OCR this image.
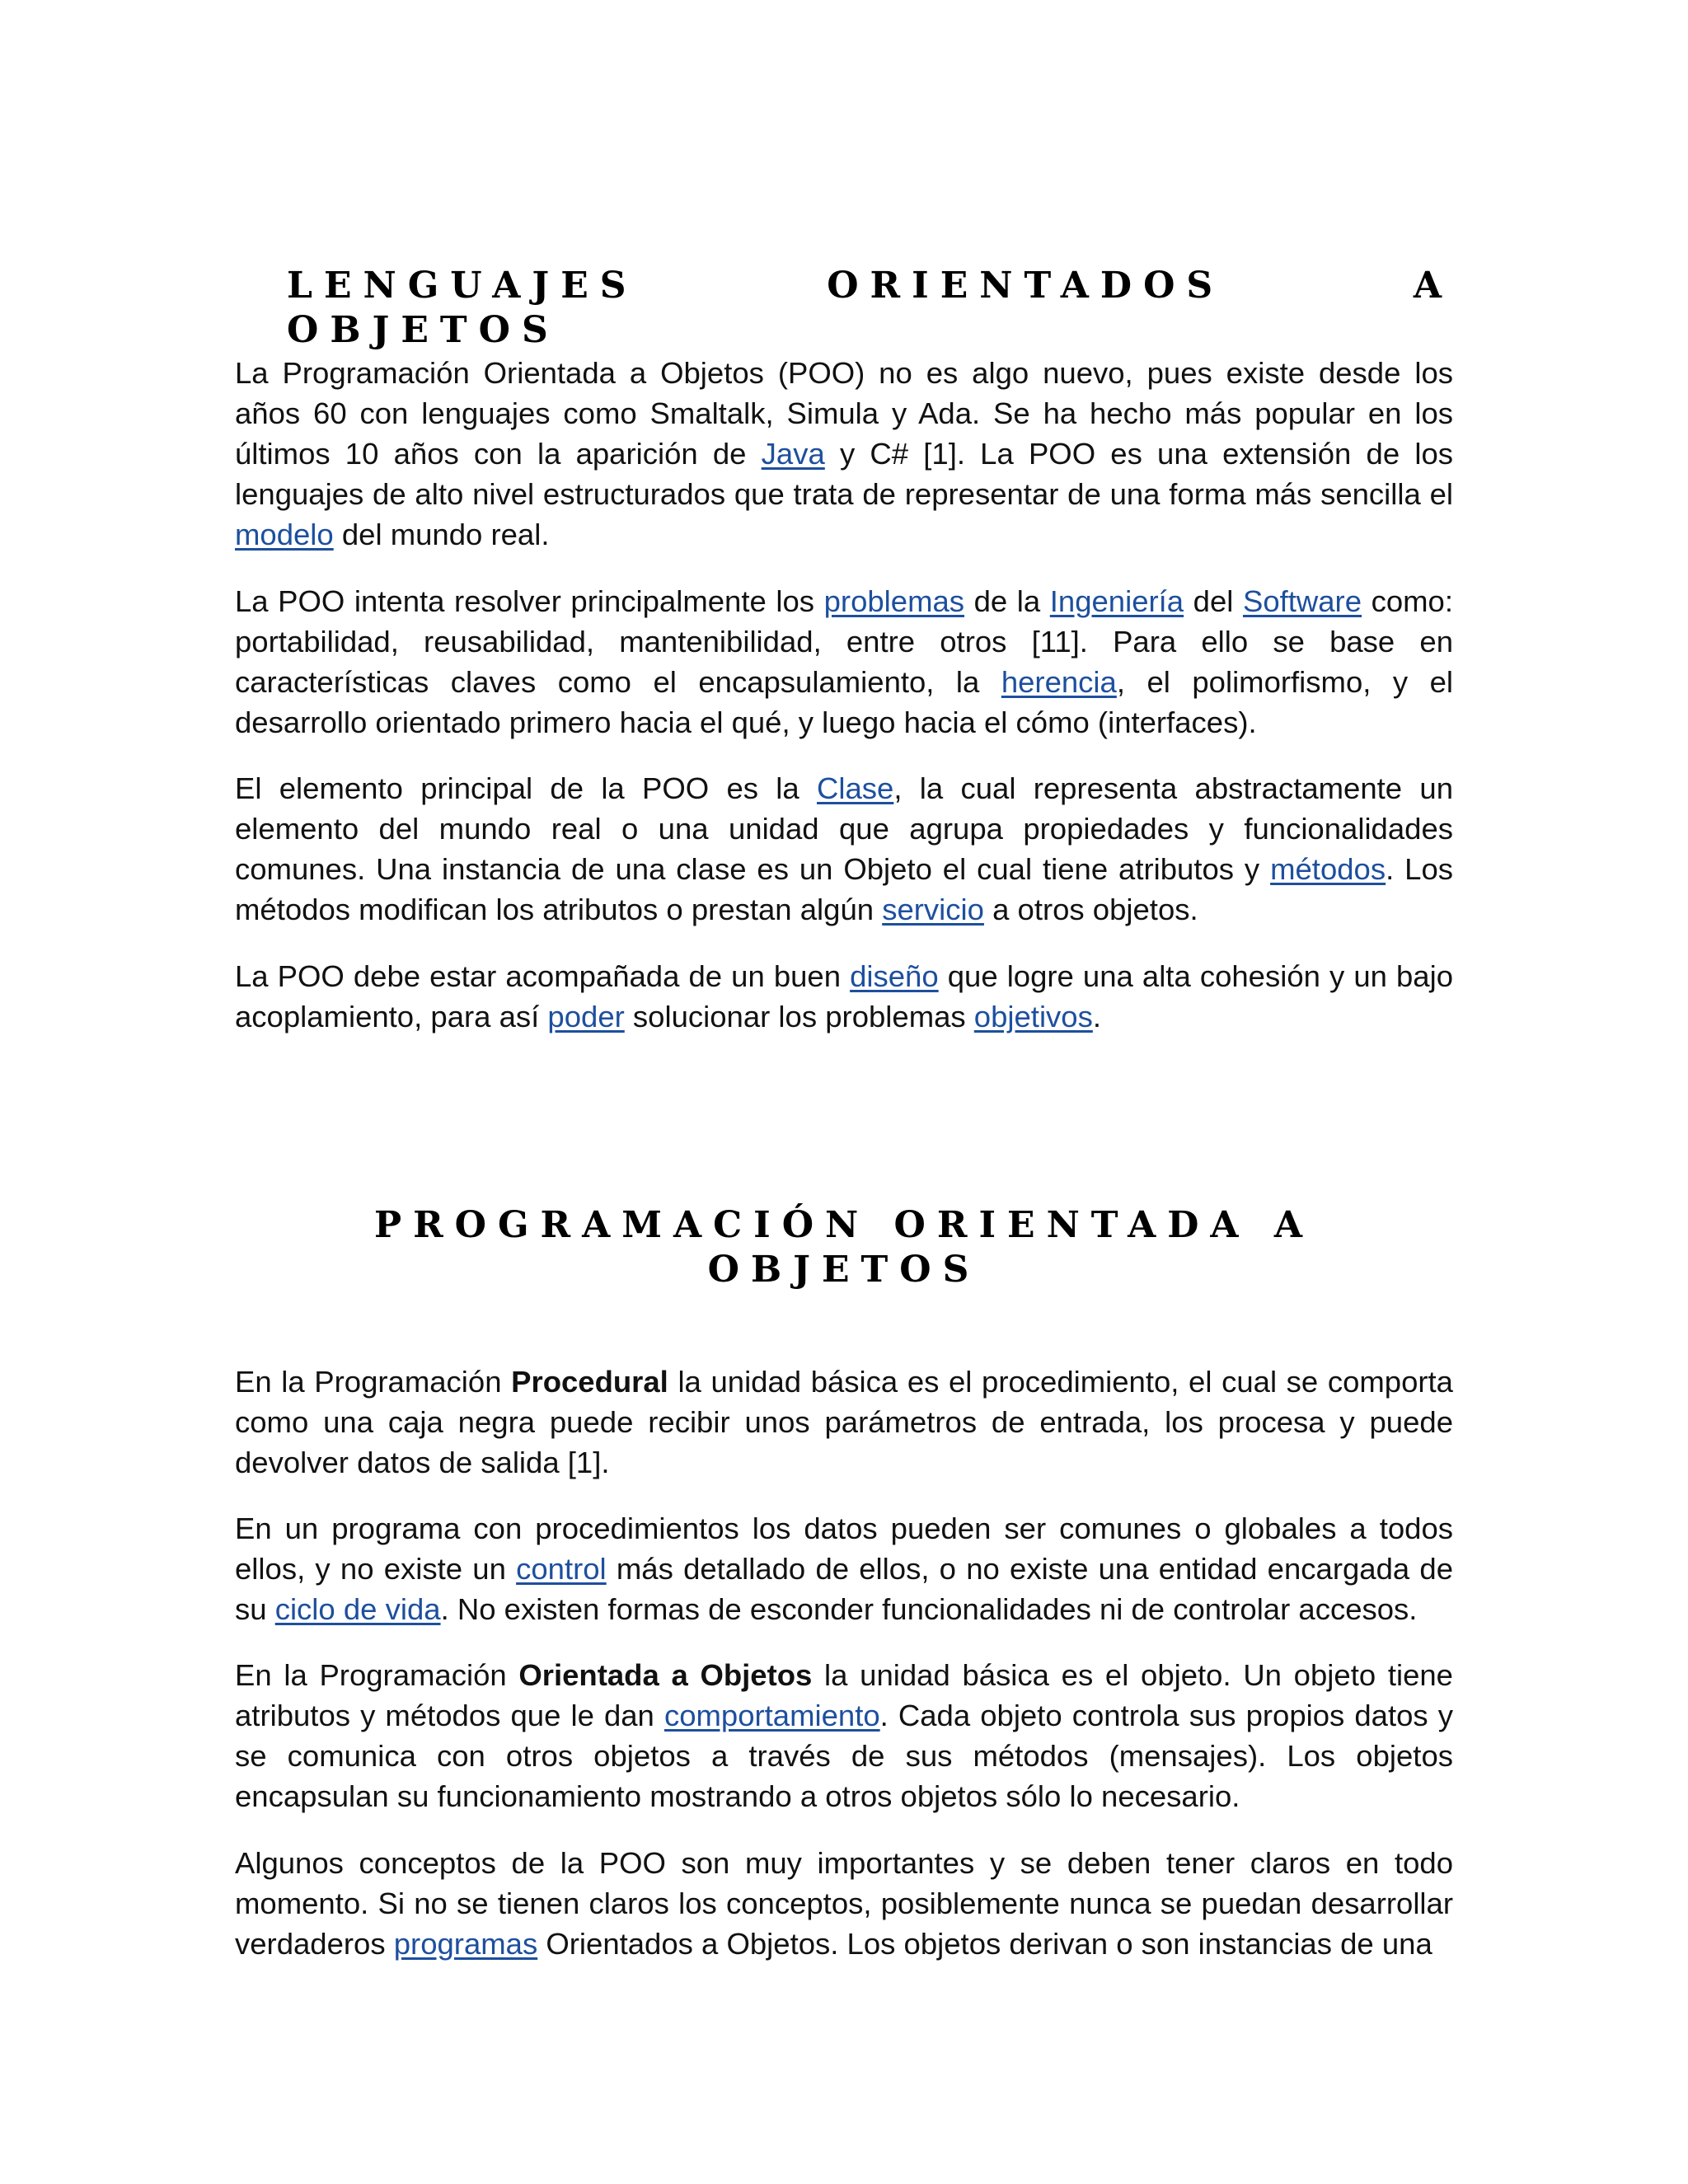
LENGUAJES	ORIENTADOS	A
OBJETOS

La Programación Orientada a Objetos (POO) no es algo nuevo, pues existe desde los años 60 con lenguajes como Smaltalk, Simula y Ada. Se ha hecho más popular en los últimos 10 años con la aparición de Java y C# [1]. La POO es una extensión de los lenguajes de alto nivel estructurados que trata de representar de una forma más sencilla el modelo del mundo real.

La POO intenta resolver principalmente los problemas de la Ingeniería del Software como: portabilidad, reusabilidad, mantenibilidad, entre otros [11]. Para ello se base en características claves como el encapsulamiento, la herencia, el polimorfismo, y el desarrollo orientado primero hacia el qué, y luego hacia el cómo (interfaces).

El elemento principal de la POO es la Clase, la cual representa abstractamente un elemento del mundo real o una unidad que agrupa propiedades y funcionalidades comunes. Una instancia de una clase es un Objeto el cual tiene atributos y métodos. Los métodos modifican los atributos o prestan algún servicio a otros objetos.

La POO debe estar acompañada de un buen diseño que logre una alta cohesión y un bajo acoplamiento, para así poder solucionar los problemas objetivos.

PROGRAMACIÓN ORIENTADA A
OBJETOS

En la Programación Procedural la unidad básica es el procedimiento, el cual se comporta como una caja negra puede recibir unos parámetros de entrada, los procesa y puede devolver datos de salida [1].

En un programa con procedimientos los datos pueden ser comunes o globales a todos ellos, y no existe un control más detallado de ellos, o no existe una entidad encargada de su ciclo de vida. No existen formas de esconder funcionalidades ni de controlar accesos.

En la Programación Orientada a Objetos la unidad básica es el objeto. Un objeto tiene atributos y métodos que le dan comportamiento. Cada objeto controla sus propios datos y se comunica con otros objetos a través de sus métodos (mensajes). Los objetos encapsulan su funcionamiento mostrando a otros objetos sólo lo necesario.

Algunos conceptos de la POO son muy importantes y se deben tener claros en todo momento. Si no se tienen claros los conceptos, posiblemente nunca se puedan desarrollar verdaderos programas Orientados a Objetos. Los objetos derivan o son instancias de una
